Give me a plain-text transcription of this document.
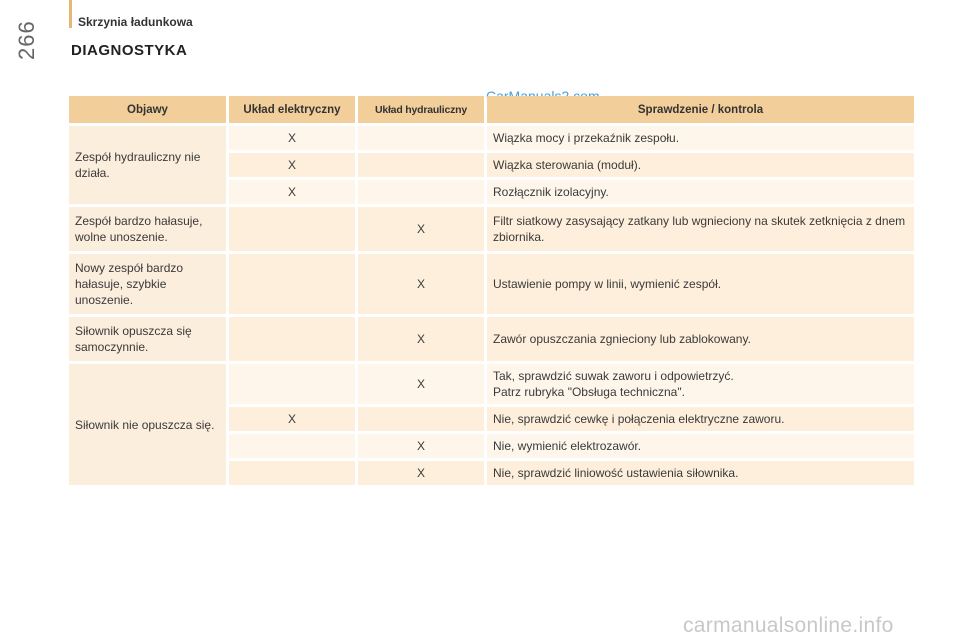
Skrzynia ładunkowa
266 DIAGNOSTYKA
carmanualsonline.info
Objawy	Układ elektryczny	Układ hydrauliczny	Sprawdzenie / kontrola
Zespół hydrauliczny nie działa.	X		Wiązka mocy i przekaźnik zespołu.
	X		Wiązka sterowania (moduł).
	X		Rozłącznik izolacyjny.
Zespół bardzo hałasuje, wolne unoszenie.		X	Filtr siatkowy zasysający zatkany lub wgnieciony na skutek zetknięcia z dnem zbiornika.
Nowy zespół bardzo hałasuje, szybkie unoszenie.		X	Ustawienie pompy w linii, wymienić zespół.
Siłownik opuszcza się samoczynnie.		X	Zawór opuszczania zgnieciony lub zablokowany.
Siłownik nie opuszcza się.		X	Tak, sprawdzić suwak zaworu i odpowietrzyć.
Patrz rubryka "Obsługa techniczna".

	X		Nie, sprawdzić cewkę i połączenia elektryczne zaworu.
		X	Nie, wymienić elektrozawór.
		X	Nie, sprawdzić liniowość ustawienia siłownika.
